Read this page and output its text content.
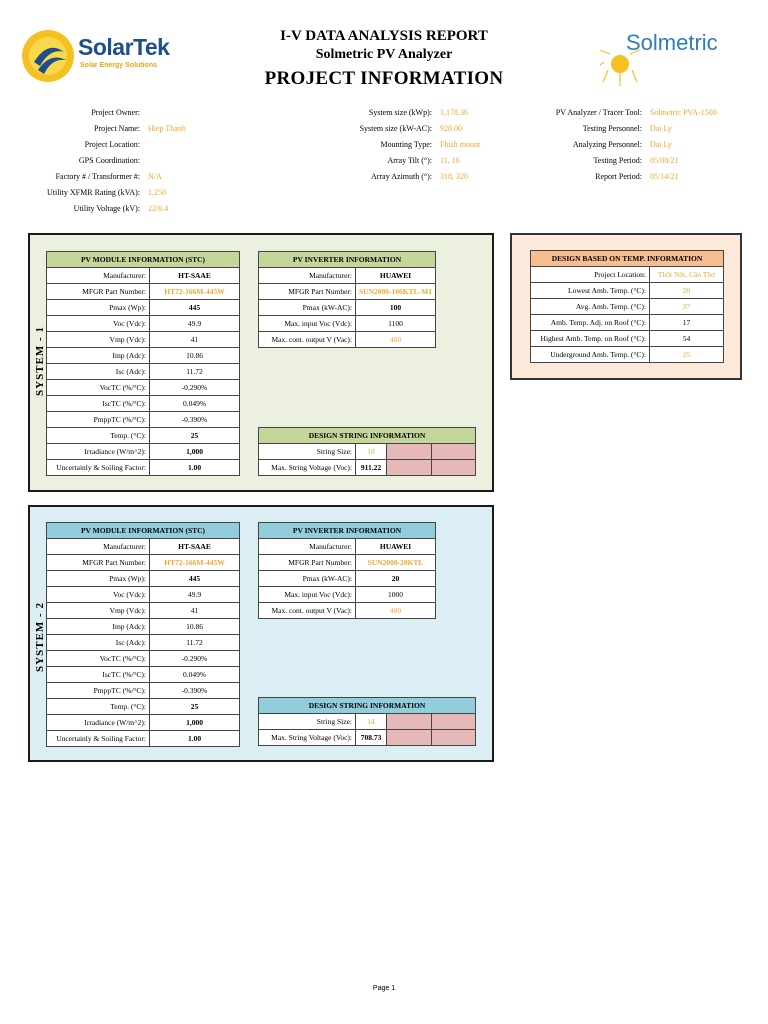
SolarTek
Solar Energy Solutions
I-V DATA ANALYSIS REPORT
Solmetric PV Analyzer
PROJECT INFORMATION
Solmetric
Project Owner:
Project Name: Hiep Thanh
Project Location:
GPS Coordination:
Factory # / Transformer #: N/A
Utility XFMR Rating (kVA): 1,250
Utility Voltage (kV): 22/0.4
System size (kWp): 1,178.36
System size (kW-AC): 920.00
Mounting Type: Flush mount
Array Tilt (°): 11, 16
Array Azimuth (°): 318, 320
PV Analyzer / Tracer Tool: Solmetric PVA-1500
Testing Personnel: Dai Ly
Analyzing Personnel: Dai Ly
Testing Period: 05/08/21
Report Period: 05/14/21
SYSTEM - 1
PV MODULE INFORMATION (STC)	
Manufacturer:	HT-SAAE
MFGR Part Number:	HT72-166M-445W
Pmax (Wp):	445
Voc (Vdc):	49.9
Vmp (Vdc):	41
Imp (Adc):	10.86
Isc (Adc):	11.72
VocTC (%/°C):	-0.290%
IscTC (%/°C):	0.049%
PmppTC (%/°C):	-0.390%
Temp. (°C):	25
Irradiance (W/m^2):	1,000
Uncertainly & Soiling Factor:	1.00
PV INVERTER INFORMATION	
Manufacturer:	HUAWEI
MFGR Part Number:	SUN2000-100KTL-M1
Pmax (kW-AC):	100
Max. input Voc (Vdc):	1100
Max. cont. output V (Vac):	400
DESIGN STRING INFORMATION			
String Size:	18	-	-
Max. String Voltage (Voc):	911.22	-	-
DESIGN BASED ON TEMP. INFORMATION	
Project Location:	Thốt Nốt, Cần Thơ
Lowest Amb. Temp. (°C):	20
Avg. Amb. Temp. (°C):	37
Amb. Temp. Adj. on Roof (°C):	17
Highest Amb. Temp. on Roof (°C):	54
Underground Amb. Temp. (°C):	25
SYSTEM - 2
PV MODULE INFORMATION (STC)	
Manufacturer:	HT-SAAE
MFGR Part Number:	HT72-166M-445W
Pmax (Wp):	445
Voc (Vdc):	49.9
Vmp (Vdc):	41
Imp (Adc):	10.86
Isc (Adc):	11.72
VocTC (%/°C):	-0.290%
IscTC (%/°C):	0.049%
PmppTC (%/°C):	-0.390%
Temp. (°C):	25
Irradiance (W/m^2):	1,000
Uncertainly & Soiling Factor:	1.00
PV INVERTER INFORMATION	
Manufacturer:	HUAWEI
MFGR Part Number:	SUN2000-20KTL
Pmax (kW-AC):	20
Max. input Voc (Vdc):	1000
Max. cont. output V (Vac):	400
DESIGN STRING INFORMATION			
String Size:	14	-	-
Max. String Voltage (Voc):	708.73	-	-
Page 1
